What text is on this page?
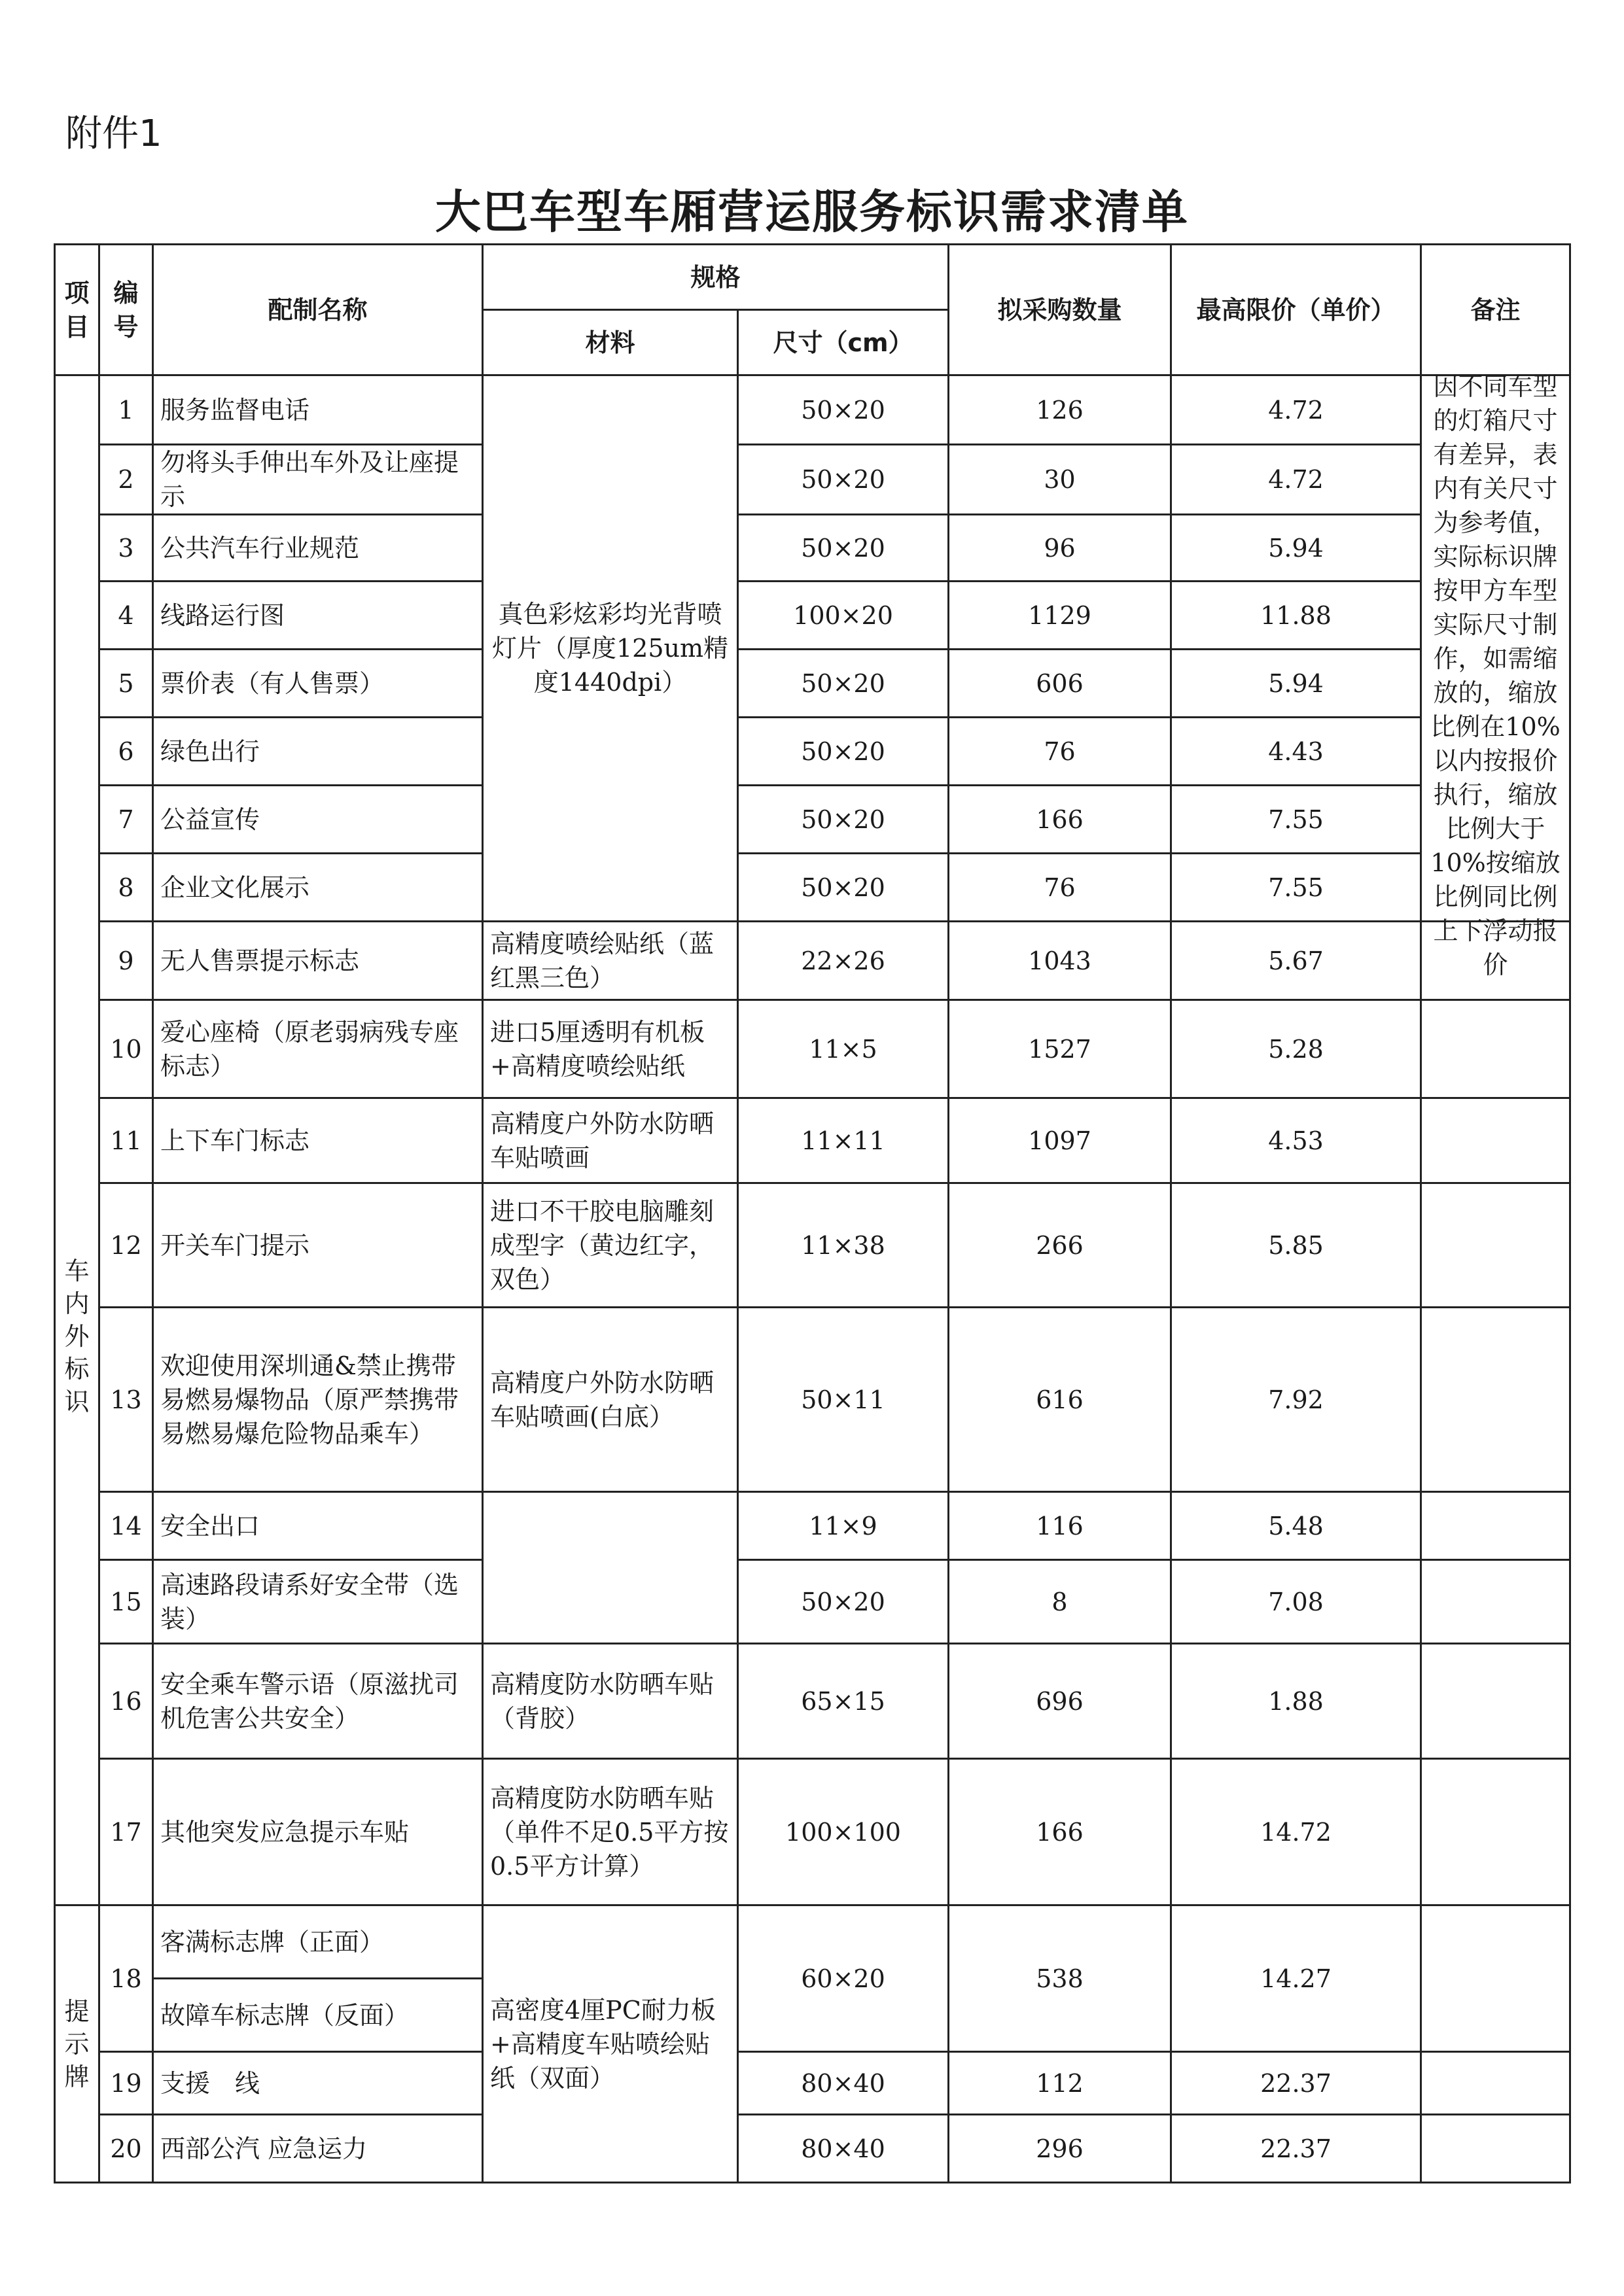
附件1
大巴车型车厢营运服务标识需求清单
项目	编号	配制名称	规格		拟采购数量	最高限价（单价）	备注
			材料	尺寸（cm）			

车内外标识	1	服务监督电话	真色彩炫彩均光背喷灯片（厚度125um精度1440dpi）	50×20	126	4.72	因不同车型的灯箱尺寸有差异，表内有关尺寸为参考值，实际标识牌按甲方车型实际尺寸制作，如需缩放的，缩放比例在10%以内按报价执行，缩放比例大于10%按缩放比例同比例上下浮动报价

	2	勿将头手伸出车外及让座提示		50×20	30	4.72	
	3	公共汽车行业规范		50×20	96	5.94	
	4	线路运行图		100×20	1129	11.88	
	5	票价表（有人售票）		50×20	606	5.94	
	6	绿色出行		50×20	76	4.43	
	7	公益宣传		50×20	166	7.55	
	8	企业文化展示		50×20	76	7.55	
	9	无人售票提示标志	高精度喷绘贴纸（蓝红黑三色）	22×26	1043	5.67	
	10	爱心座椅（原老弱病残专座标志）	进口5厘透明有机板+高精度喷绘贴纸	11×5	1527	5.28	
	11	上下车门标志	高精度户外防水防晒车贴喷画	11×11	1097	4.53	
	12	开关车门提示	进口不干胶电脑雕刻成型字（黄边红字，双色）	11×38	266	5.85	
	13	欢迎使用深圳通&禁止携带易燃易爆物品（原严禁携带易燃易爆危险物品乘车）	高精度户外防水防晒车贴喷画(白底）	50×11	616	7.92	
	14	安全出口		11×9	116	5.48	
	15	高速路段请系好安全带（选装）		50×20	8	7.08	
	16	安全乘车警示语（原滋扰司机危害公共安全）	高精度防水防晒车贴（背胶）	65×15	696	1.88	
	17	其他突发应急提示车贴	高精度防水防晒车贴（单件不足0.5平方按0.5平方计算）	100×100	166	14.72	

提示牌	18	客满标志牌（正面）	高密度4厘PC耐力板+高精度车贴喷绘贴纸（双面）	60×20	538	14.27	
		故障车标志牌（反面）					
	19	支援　线		80×40	112	22.37	
	20	西部公汽 应急运力		80×40	296	22.37	
